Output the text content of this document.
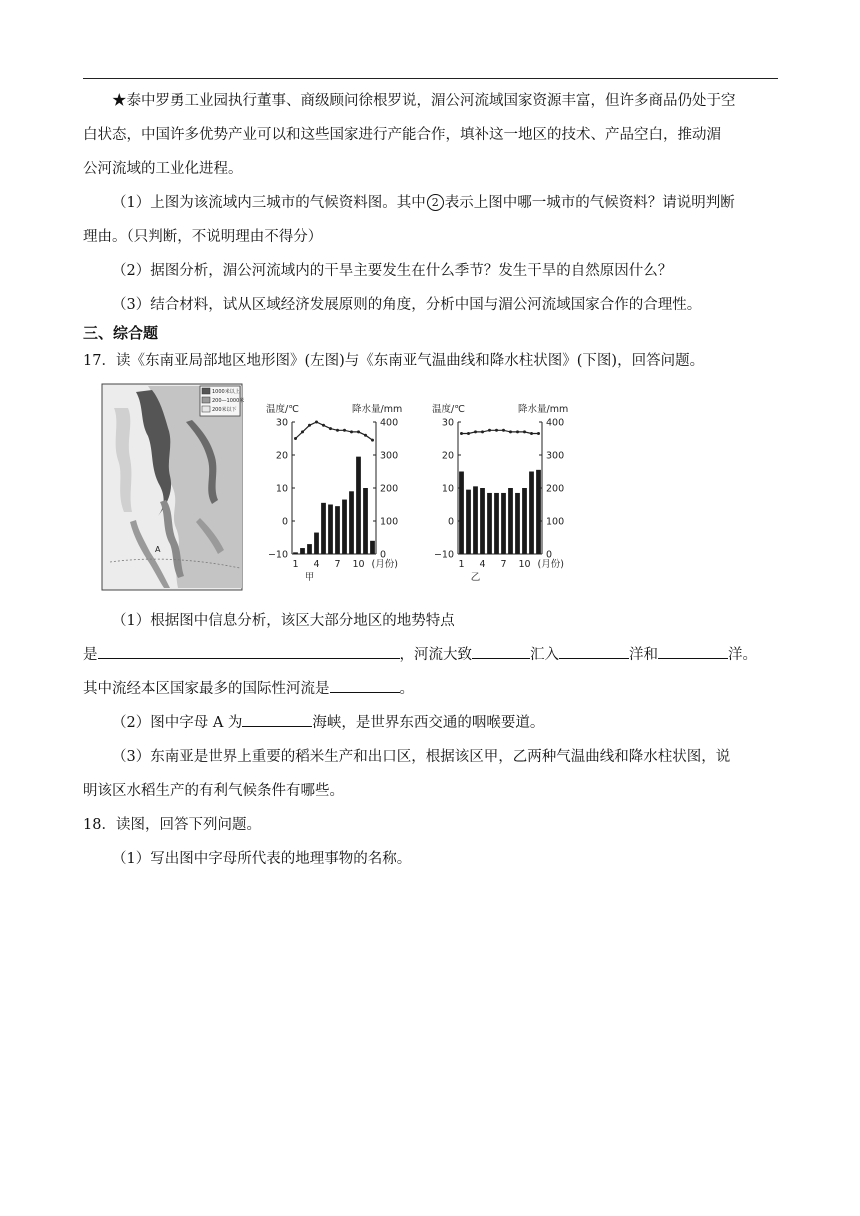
★泰中罗勇工业园执行董事、商级顾问徐根罗说，湄公河流域国家资源丰富，但许多商品仍处于空
白状态，中国许多优势产业可以和这些国家进行产能合作，填补这一地区的技术、产品空白，推动湄
公河流域的工业化进程。
（1）上图为该流域内三城市的气候资料图。其中 2 表示上图中哪一城市的气候资料？请说明判断
理由。（只判断，不说明理由不得分）
（2）据图分析，湄公河流域内的干旱主要发生在什么季节？发生干旱的自然原因什么？
（3）结合材料，试从区域经济发展原则的角度，分析中国与湄公河流域国家合作的合理性。
三、综合题
17．读《东南亚局部地区地形图》(左图)与《东南亚气温曲线和降水柱状图》(下图)，回答问题。
1000米以上
200—1000米
200米以下
A
温度/℃	降水量/mm
30
20
10
0
−10
400
300
200
100
0
1 4 7 10 (月份)
甲
温度/℃	降水量/mm
30
20
10
0
−10
400
300
200
100
0
1 4 7 10 (月份)
乙
（1）根据图中信息分析，该区大部分地区的地势特点
是	，河流大致	汇入	洋和	洋。
其中流经本区国家最多的国际性河流是	。
（2）图中字母 A 为	海峡，是世界东西交通的咽喉要道。
（3）东南亚是世界上重要的稻米生产和出口区，根据该区甲，乙两种气温曲线和降水柱状图，说
明该区水稻生产的有利气候条件有哪些。
18．读图，回答下列问题。
（1）写出图中字母所代表的地理事物的名称。
